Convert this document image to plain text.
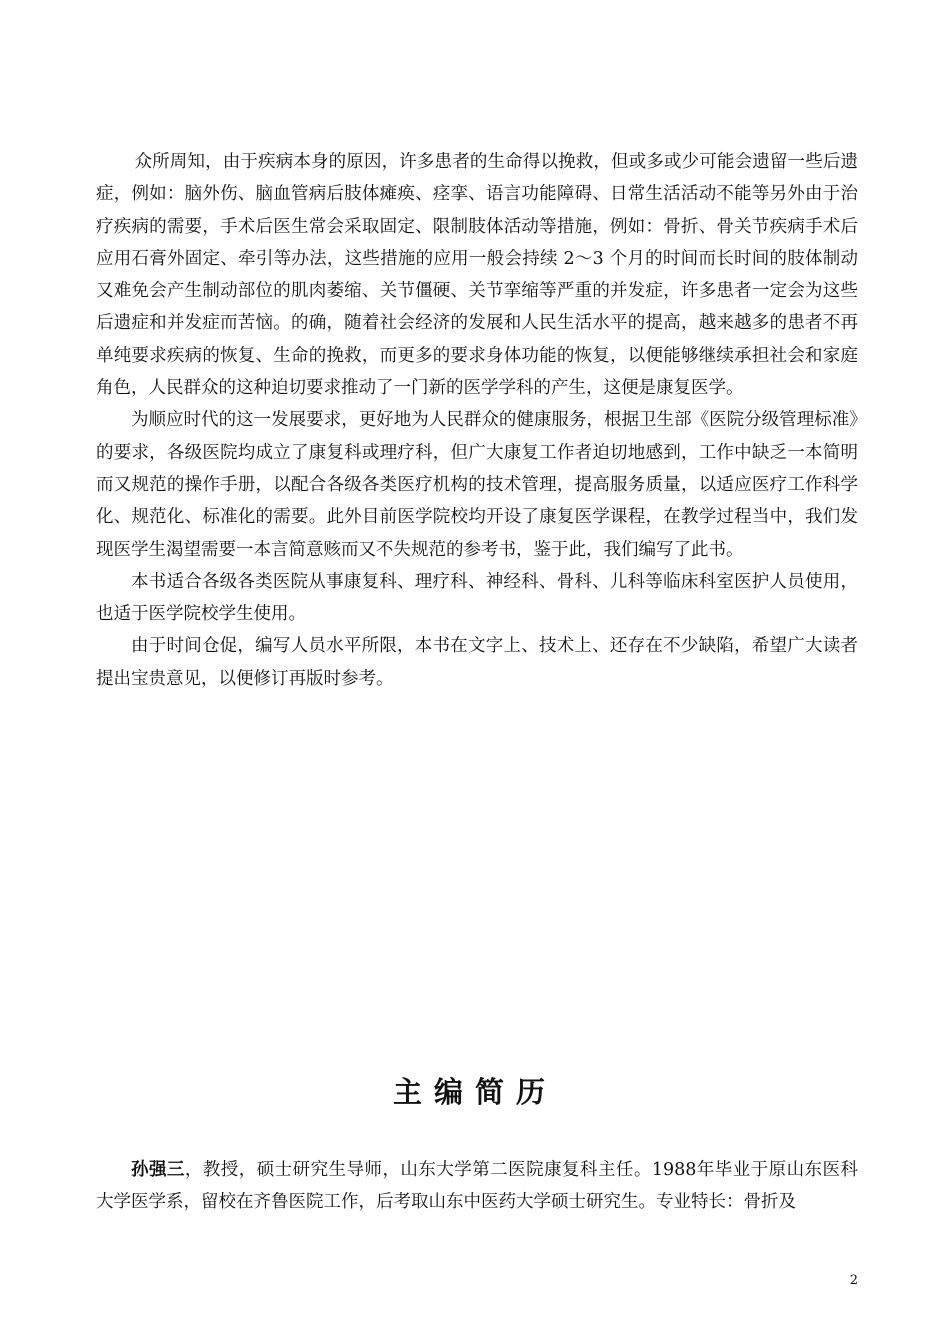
众所周知，由于疾病本身的原因，许多患者的生命得以挽救，但或多或少可能会遗留一些后遗症，例如：脑外伤、脑血管病后肢体瘫痪、痉挛、语言功能障碍、日常生活活动不能等另外由于治疗疾病的需要，手术后医生常会采取固定、限制肢体活动等措施，例如：骨折、骨关节疾病手术后应用石膏外固定、牵引等办法，这些措施的应用一般会持续 2～3 个月的时间而长时间的肢体制动又难免会产生制动部位的肌肉萎缩、关节僵硬、关节挛缩等严重的并发症，许多患者一定会为这些后遗症和并发症而苦恼。的确，随着社会经济的发展和人民生活水平的提高，越来越多的患者不再单纯要求疾病的恢复、生命的挽救，而更多的要求身体功能的恢复，以便能够继续承担社会和家庭角色，人民群众的这种迫切要求推动了一门新的医学学科的产生，这便是康复医学。

为顺应时代的这一发展要求，更好地为人民群众的健康服务，根据卫生部《医院分级管理标准》的要求，各级医院均成立了康复科或理疗科，但广大康复工作者迫切地感到，工作中缺乏一本简明而又规范的操作手册，以配合各级各类医疗机构的技术管理，提高服务质量，以适应医疗工作科学化、规范化、标准化的需要。此外目前医学院校均开设了康复医学课程，在教学过程当中，我们发现医学生渴望需要一本言简意赅而又不失规范的参考书，鉴于此，我们编写了此书。

本书适合各级各类医院从事康复科、理疗科、神经科、骨科、儿科等临床科室医护人员使用，也适于医学院校学生使用。

由于时间仓促，编写人员水平所限，本书在文字上、技术上、还存在不少缺陷，希望广大读者提出宝贵意见，以便修订再版时参考。

主编简历

孙强三，教授，硕士研究生导师，山东大学第二医院康复科主任。1988年毕业于原山东医科大学医学系，留校在齐鲁医院工作，后考取山东中医药大学硕士研究生。专业特长：骨折及

2
